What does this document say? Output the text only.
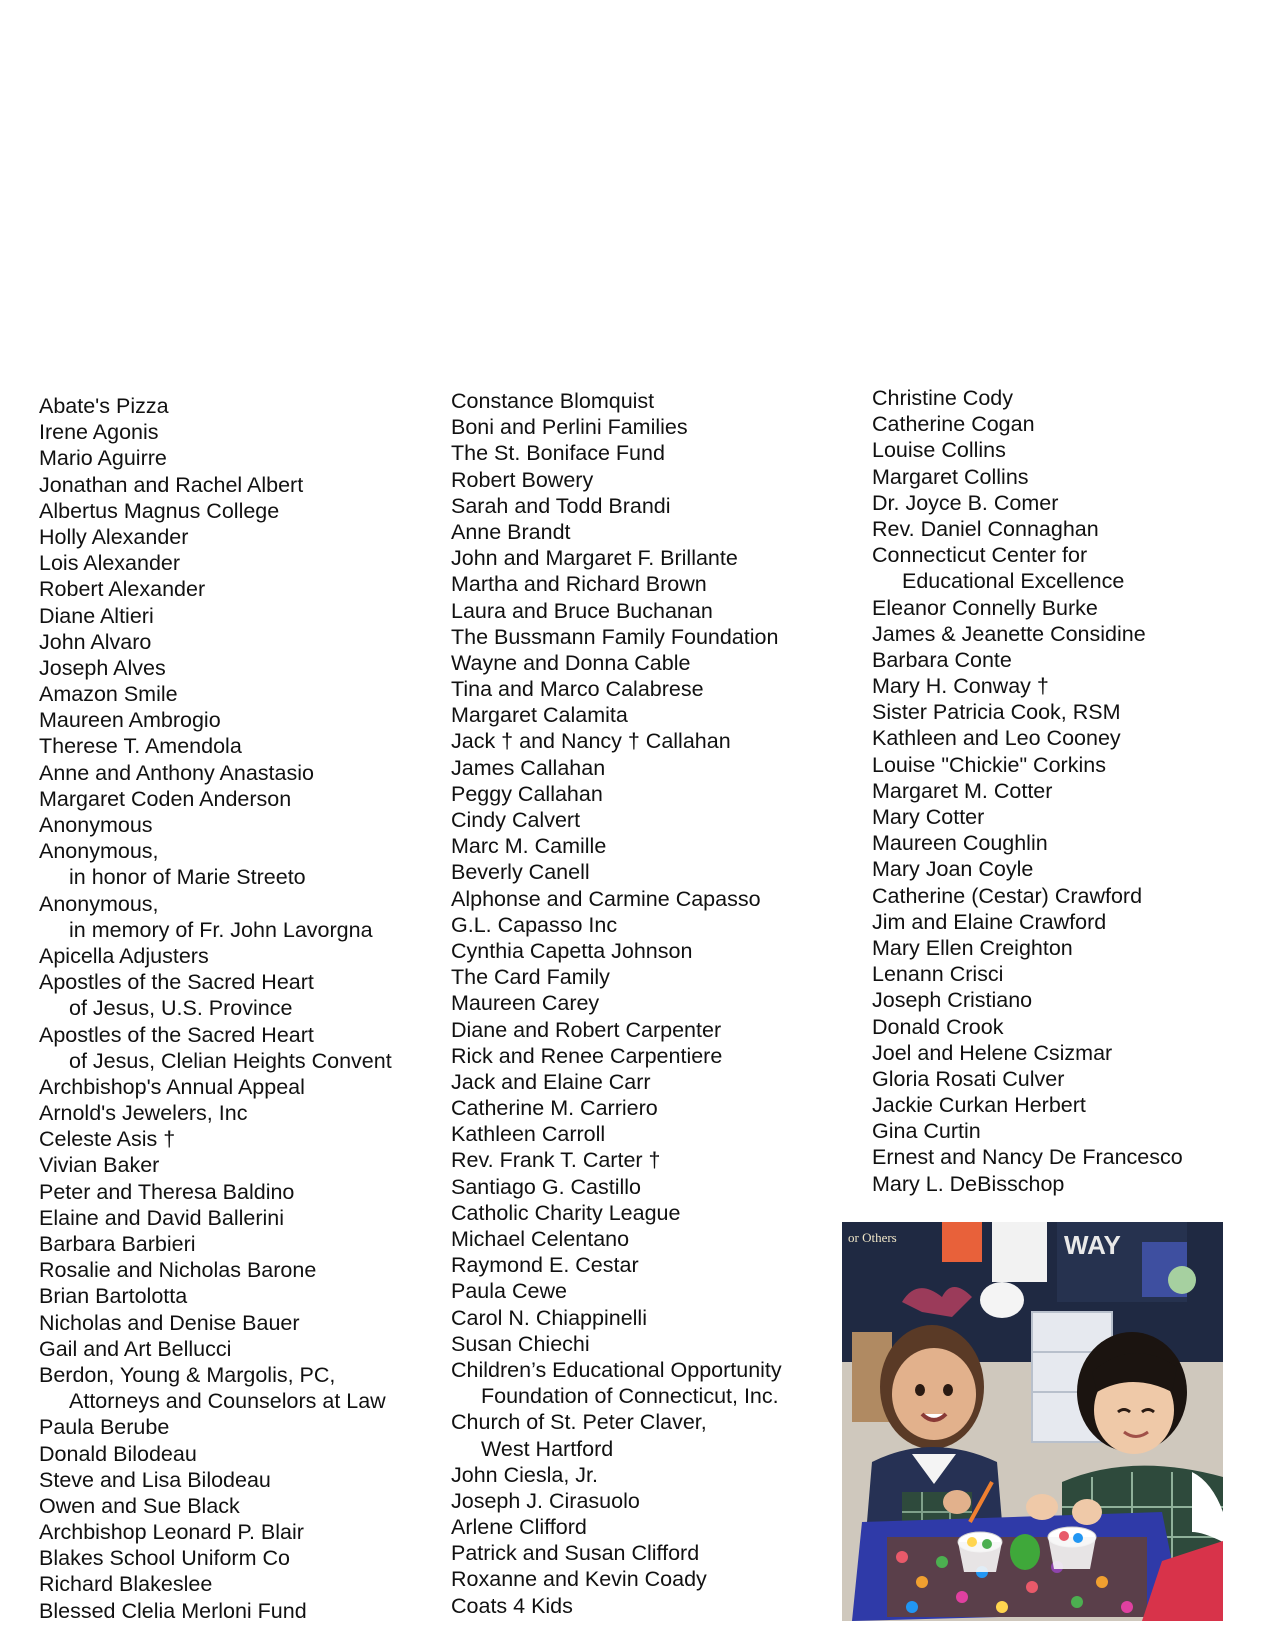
Abate's Pizza
Irene Agonis
Mario Aguirre
Jonathan and Rachel Albert
Albertus Magnus College
Holly Alexander
Lois Alexander
Robert Alexander
Diane Altieri
John Alvaro
Joseph Alves
Amazon Smile
Maureen Ambrogio
Therese T. Amendola
Anne and Anthony Anastasio
Margaret Coden Anderson
Anonymous
Anonymous,
in honor of Marie Streeto
Anonymous,
in memory of Fr. John Lavorgna
Apicella Adjusters
Apostles of the Sacred Heart
of Jesus, U.S. Province
Apostles of the Sacred Heart
of Jesus, Clelian Heights Convent
Archbishop's Annual Appeal
Arnold's Jewelers, Inc
Celeste Asis †
Vivian Baker
Peter and Theresa Baldino
Elaine and David Ballerini
Barbara Barbieri
Rosalie and Nicholas Barone
Brian Bartolotta
Nicholas and Denise Bauer
Gail and Art Bellucci
Berdon, Young & Margolis, PC,
Attorneys and Counselors at Law
Paula Berube
Donald Bilodeau
Steve and Lisa Bilodeau
Owen and Sue Black
Archbishop Leonard P. Blair
Blakes School Uniform Co
Richard Blakeslee
Blessed Clelia Merloni Fund
Constance Blomquist
Boni and Perlini Families
The St. Boniface Fund
Robert Bowery
Sarah and Todd Brandi
Anne Brandt
John and Margaret F. Brillante
Martha and Richard Brown
Laura and Bruce Buchanan
The Bussmann Family Foundation
Wayne and Donna Cable
Tina and Marco Calabrese
Margaret Calamita
Jack † and Nancy † Callahan
James Callahan
Peggy Callahan
Cindy Calvert
Marc M. Camille
Beverly Canell
Alphonse and Carmine Capasso
G.L. Capasso Inc
Cynthia Capetta Johnson
The Card Family
Maureen Carey
Diane and Robert Carpenter
Rick and Renee Carpentiere
Jack and Elaine Carr
Catherine M. Carriero
Kathleen Carroll
Rev. Frank T. Carter †
Santiago G. Castillo
Catholic Charity League
Michael Celentano
Raymond E. Cestar
Paula Cewe
Carol N. Chiappinelli
Susan Chiechi
Children’s Educational Opportunity
Foundation of Connecticut, Inc.
Church of St. Peter Claver,
West Hartford
John Ciesla, Jr.
Joseph J. Cirasuolo
Arlene Clifford
Patrick and Susan Clifford
Roxanne and Kevin Coady
Coats 4 Kids
Christine Cody
Catherine Cogan
Louise Collins
Margaret Collins
Dr. Joyce B. Comer
Rev. Daniel Connaghan
Connecticut Center for
Educational Excellence
Eleanor Connelly Burke
James & Jeanette Considine
Barbara Conte
Mary H. Conway †
Sister Patricia Cook, RSM
Kathleen and Leo Cooney
Louise "Chickie" Corkins
Margaret M. Cotter
Mary Cotter
Maureen Coughlin
Mary Joan Coyle
Catherine (Cestar) Crawford
Jim and Elaine Crawford
Mary Ellen Creighton
Lenann Crisci
Joseph Cristiano
Donald Crook
Joel and Helene Csizmar
Gloria Rosati Culver
Jackie Curkan Herbert
Gina Curtin
Ernest and Nancy De Francesco
Mary L. DeBisschop
or Others	WAY
